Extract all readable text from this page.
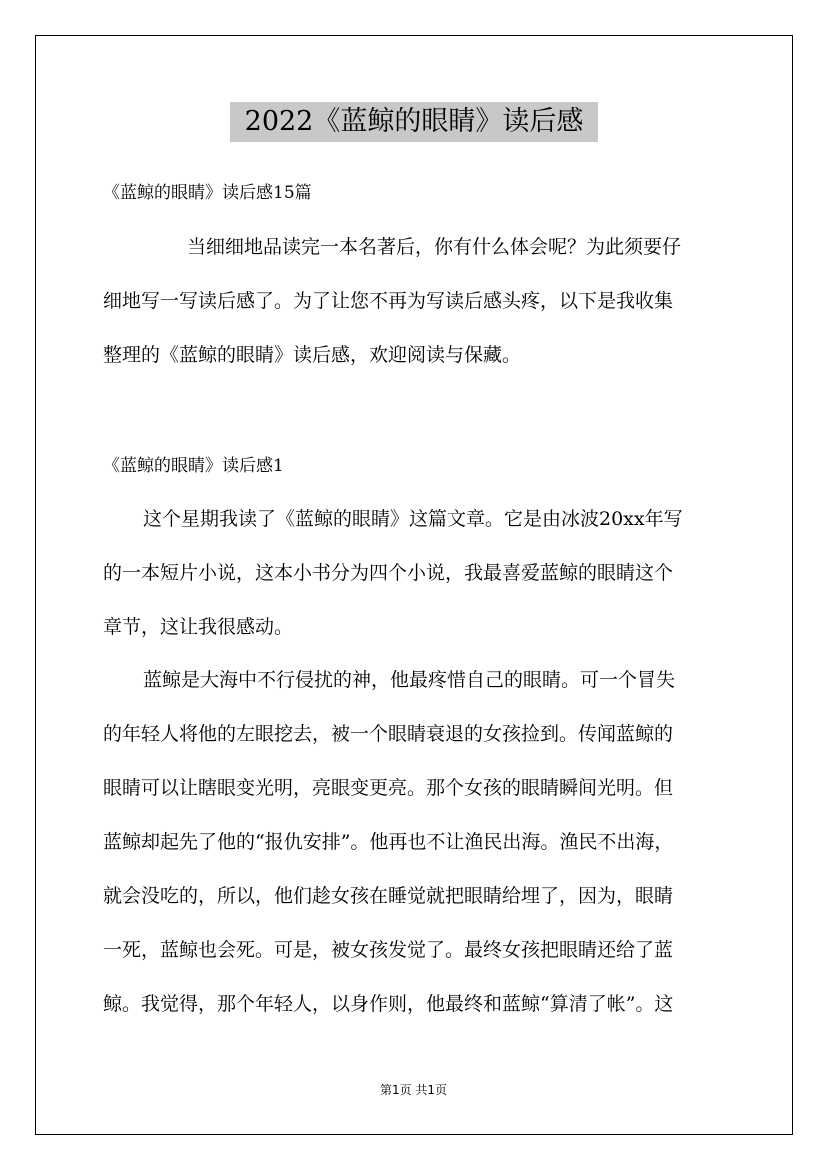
2022《蓝鲸的眼睛》读后感
《蓝鲸的眼睛》读后感15篇
当细细地品读完一本名著后，你有什么体会呢？为此须要仔
细地写一写读后感了。为了让您不再为写读后感头疼，以下是我收集
整理的《蓝鲸的眼睛》读后感，欢迎阅读与保藏。
《蓝鲸的眼睛》读后感1
这个星期我读了《蓝鲸的眼睛》这篇文章。它是由冰波20xx年写
的一本短片小说，这本小书分为四个小说，我最喜爱蓝鲸的眼睛这个
章节，这让我很感动。
蓝鲸是大海中不行侵扰的神，他最疼惜自己的眼睛。可一个冒失
的年轻人将他的左眼挖去，被一个眼睛衰退的女孩捡到。传闻蓝鲸的
眼睛可以让瞎眼变光明，亮眼变更亮。那个女孩的眼睛瞬间光明。但
蓝鲸却起先了他的“报仇安排”。他再也不让渔民出海。渔民不出海，
就会没吃的，所以，他们趁女孩在睡觉就把眼睛给埋了，因为，眼睛
一死，蓝鲸也会死。可是，被女孩发觉了。最终女孩把眼睛还给了蓝
鲸。我觉得，那个年轻人，以身作则，他最终和蓝鲸“算清了帐”。这
第1页 共1页
